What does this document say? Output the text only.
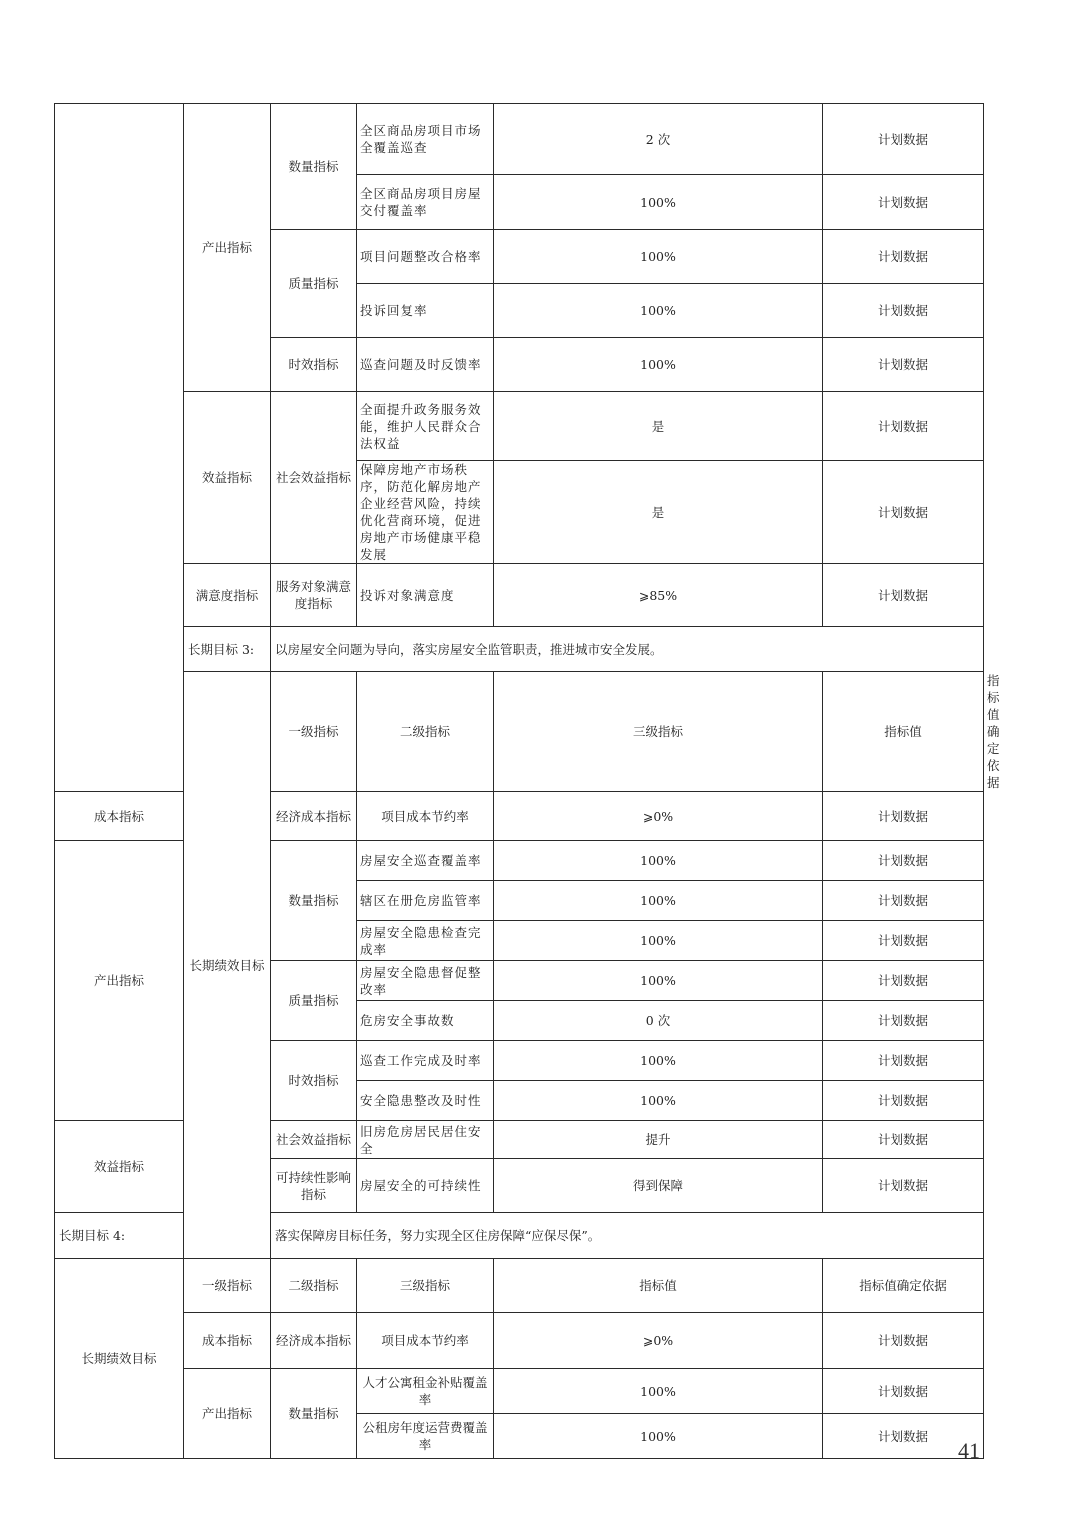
	产出指标	数量指标	全区商品房项目市场全覆盖巡查	2 次	计划数据	
			全区商品房项目房屋交付覆盖率	100%	计划数据	
		质量指标	项目问题整改合格率	100%	计划数据	
			投诉回复率	100%	计划数据	
		时效指标	巡查问题及时反馈率	100%	计划数据	
	效益指标	社会效益指标	全面提升政务服务效能，维护人民群众合法权益	是	计划数据	
			保障房地产市场秩序，防范化解房地产企业经营风险，持续优化营商环境，促进房地产市场健康平稳发展	是	计划数据	
	满意度指标	服务对象满意度指标	投诉对象满意度	⩾85%	计划数据	
	长期目标 3:	以房屋安全问题为导向，落实房屋安全监管职责，推进城市安全发展。				
	长期绩效目标	一级指标	二级指标	三级指标	指标值	指标值确定依据
成本指标		经济成本指标	项目成本节约率	⩾0%	计划数据	
产出指标		数量指标	房屋安全巡查覆盖率	100%	计划数据	
			辖区在册危房监管率	100%	计划数据	
			房屋安全隐患检查完成率	100%	计划数据	
		质量指标	房屋安全隐患督促整改率	100%	计划数据	
			危房安全事故数	0 次	计划数据	
		时效指标	巡查工作完成及时率	100%	计划数据	
			安全隐患整改及时性	100%	计划数据	
效益指标		社会效益指标	旧房危房居民居住安全	提升	计划数据	
		可持续性影响指标	房屋安全的可持续性	得到保障	计划数据	
长期目标 4:		落实保障房目标任务，努力实现全区住房保障“应保尽保”。				
长期绩效目标	一级指标	二级指标	三级指标	指标值	指标值确定依据	
	成本指标	经济成本指标	项目成本节约率	⩾0%	计划数据	
	产出指标	数量指标	人才公寓租金补贴覆盖率	100%	计划数据	
			公租房年度运营费覆盖率	100%	计划数据	
41
